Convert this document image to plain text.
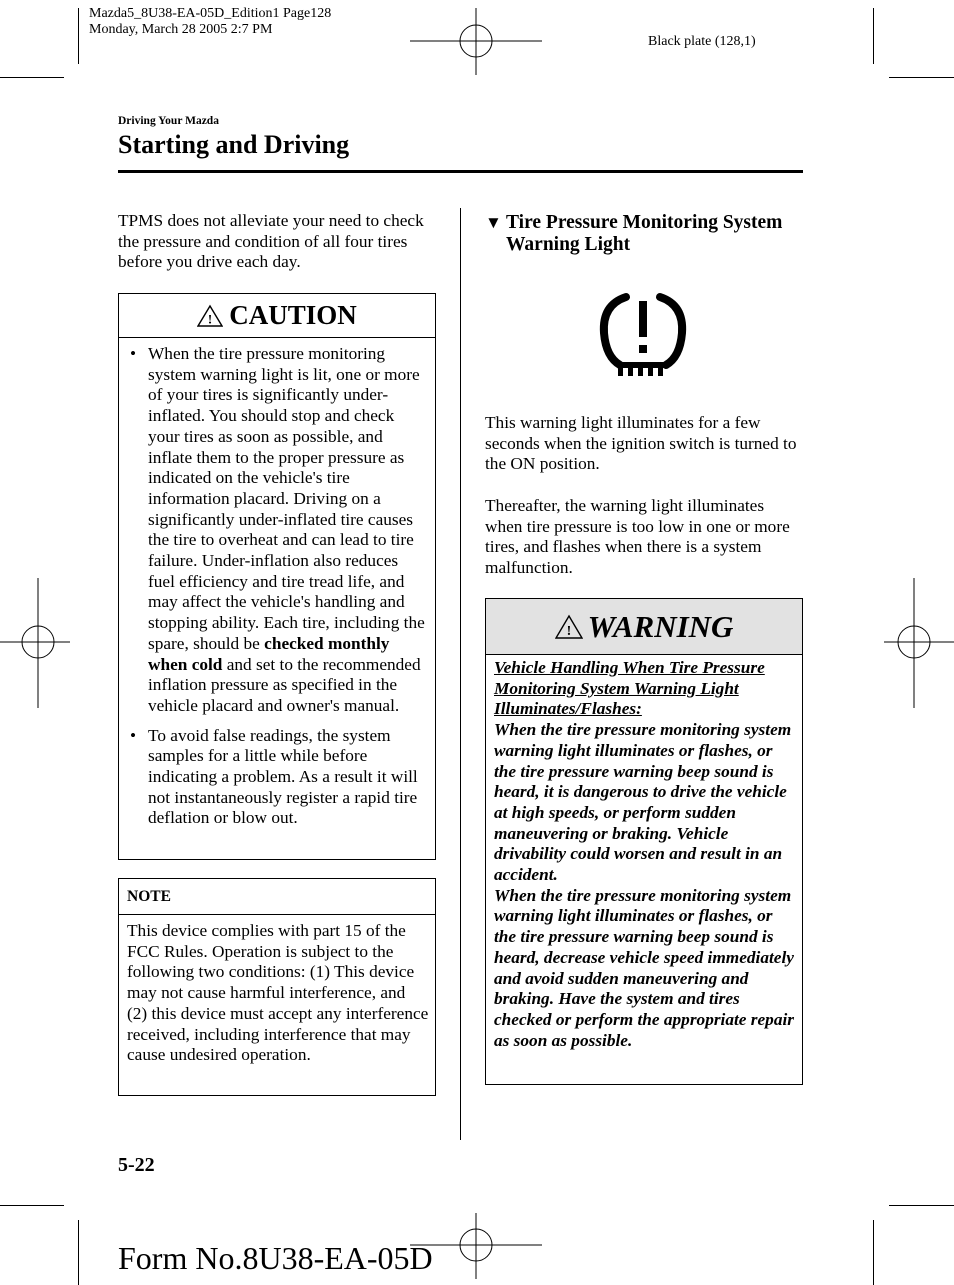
Mazda5_8U38-EA-05D_Edition1 Page128
Monday, March 28 2005 2:7 PM
Black plate (128,1)
Driving Your Mazda
Starting and Driving
TPMS does not alleviate your need to check the pressure and condition of all four tires before you drive each day.
! CAUTION
• When the tire pressure monitoring system warning light is lit, one or more of your tires is significantly under-inflated. You should stop and check your tires as soon as possible, and inflate them to the proper pressure as indicated on the vehicle's tire information placard. Driving on a significantly under-inflated tire causes the tire to overheat and can lead to tire failure. Under-inflation also reduces fuel efficiency and tire tread life, and may affect the vehicle's handling and stopping ability. Each tire, including the spare, should be checked monthly when cold and set to the recommended inflation pressure as specified in the vehicle placard and owner's manual.
• To avoid false readings, the system samples for a little while before indicating a problem. As a result it will not instantaneously register a rapid tire deflation or blow out.
NOTE
This device complies with part 15 of the FCC Rules. Operation is subject to the following two conditions: (1) This device may not cause harmful interference, and (2) this device must accept any interference received, including interference that may cause undesired operation.
▼ Tire Pressure Monitoring System Warning Light
This warning light illuminates for a few seconds when the ignition switch is turned to the ON position.
Thereafter, the warning light illuminates when tire pressure is too low in one or more tires, and flashes when there is a system malfunction.
! WARNING
Vehicle Handling When Tire Pressure Monitoring System Warning Light Illuminates/Flashes:
When the tire pressure monitoring system warning light illuminates or flashes, or the tire pressure warning beep sound is heard, it is dangerous to drive the vehicle at high speeds, or perform sudden maneuvering or braking. Vehicle drivability could worsen and result in an accident.
When the tire pressure monitoring system warning light illuminates or flashes, or the tire pressure warning beep sound is heard, decrease vehicle speed immediately and avoid sudden maneuvering and braking. Have the system and tires checked or perform the appropriate repair as soon as possible.
5-22
Form No.8U38-EA-05D
